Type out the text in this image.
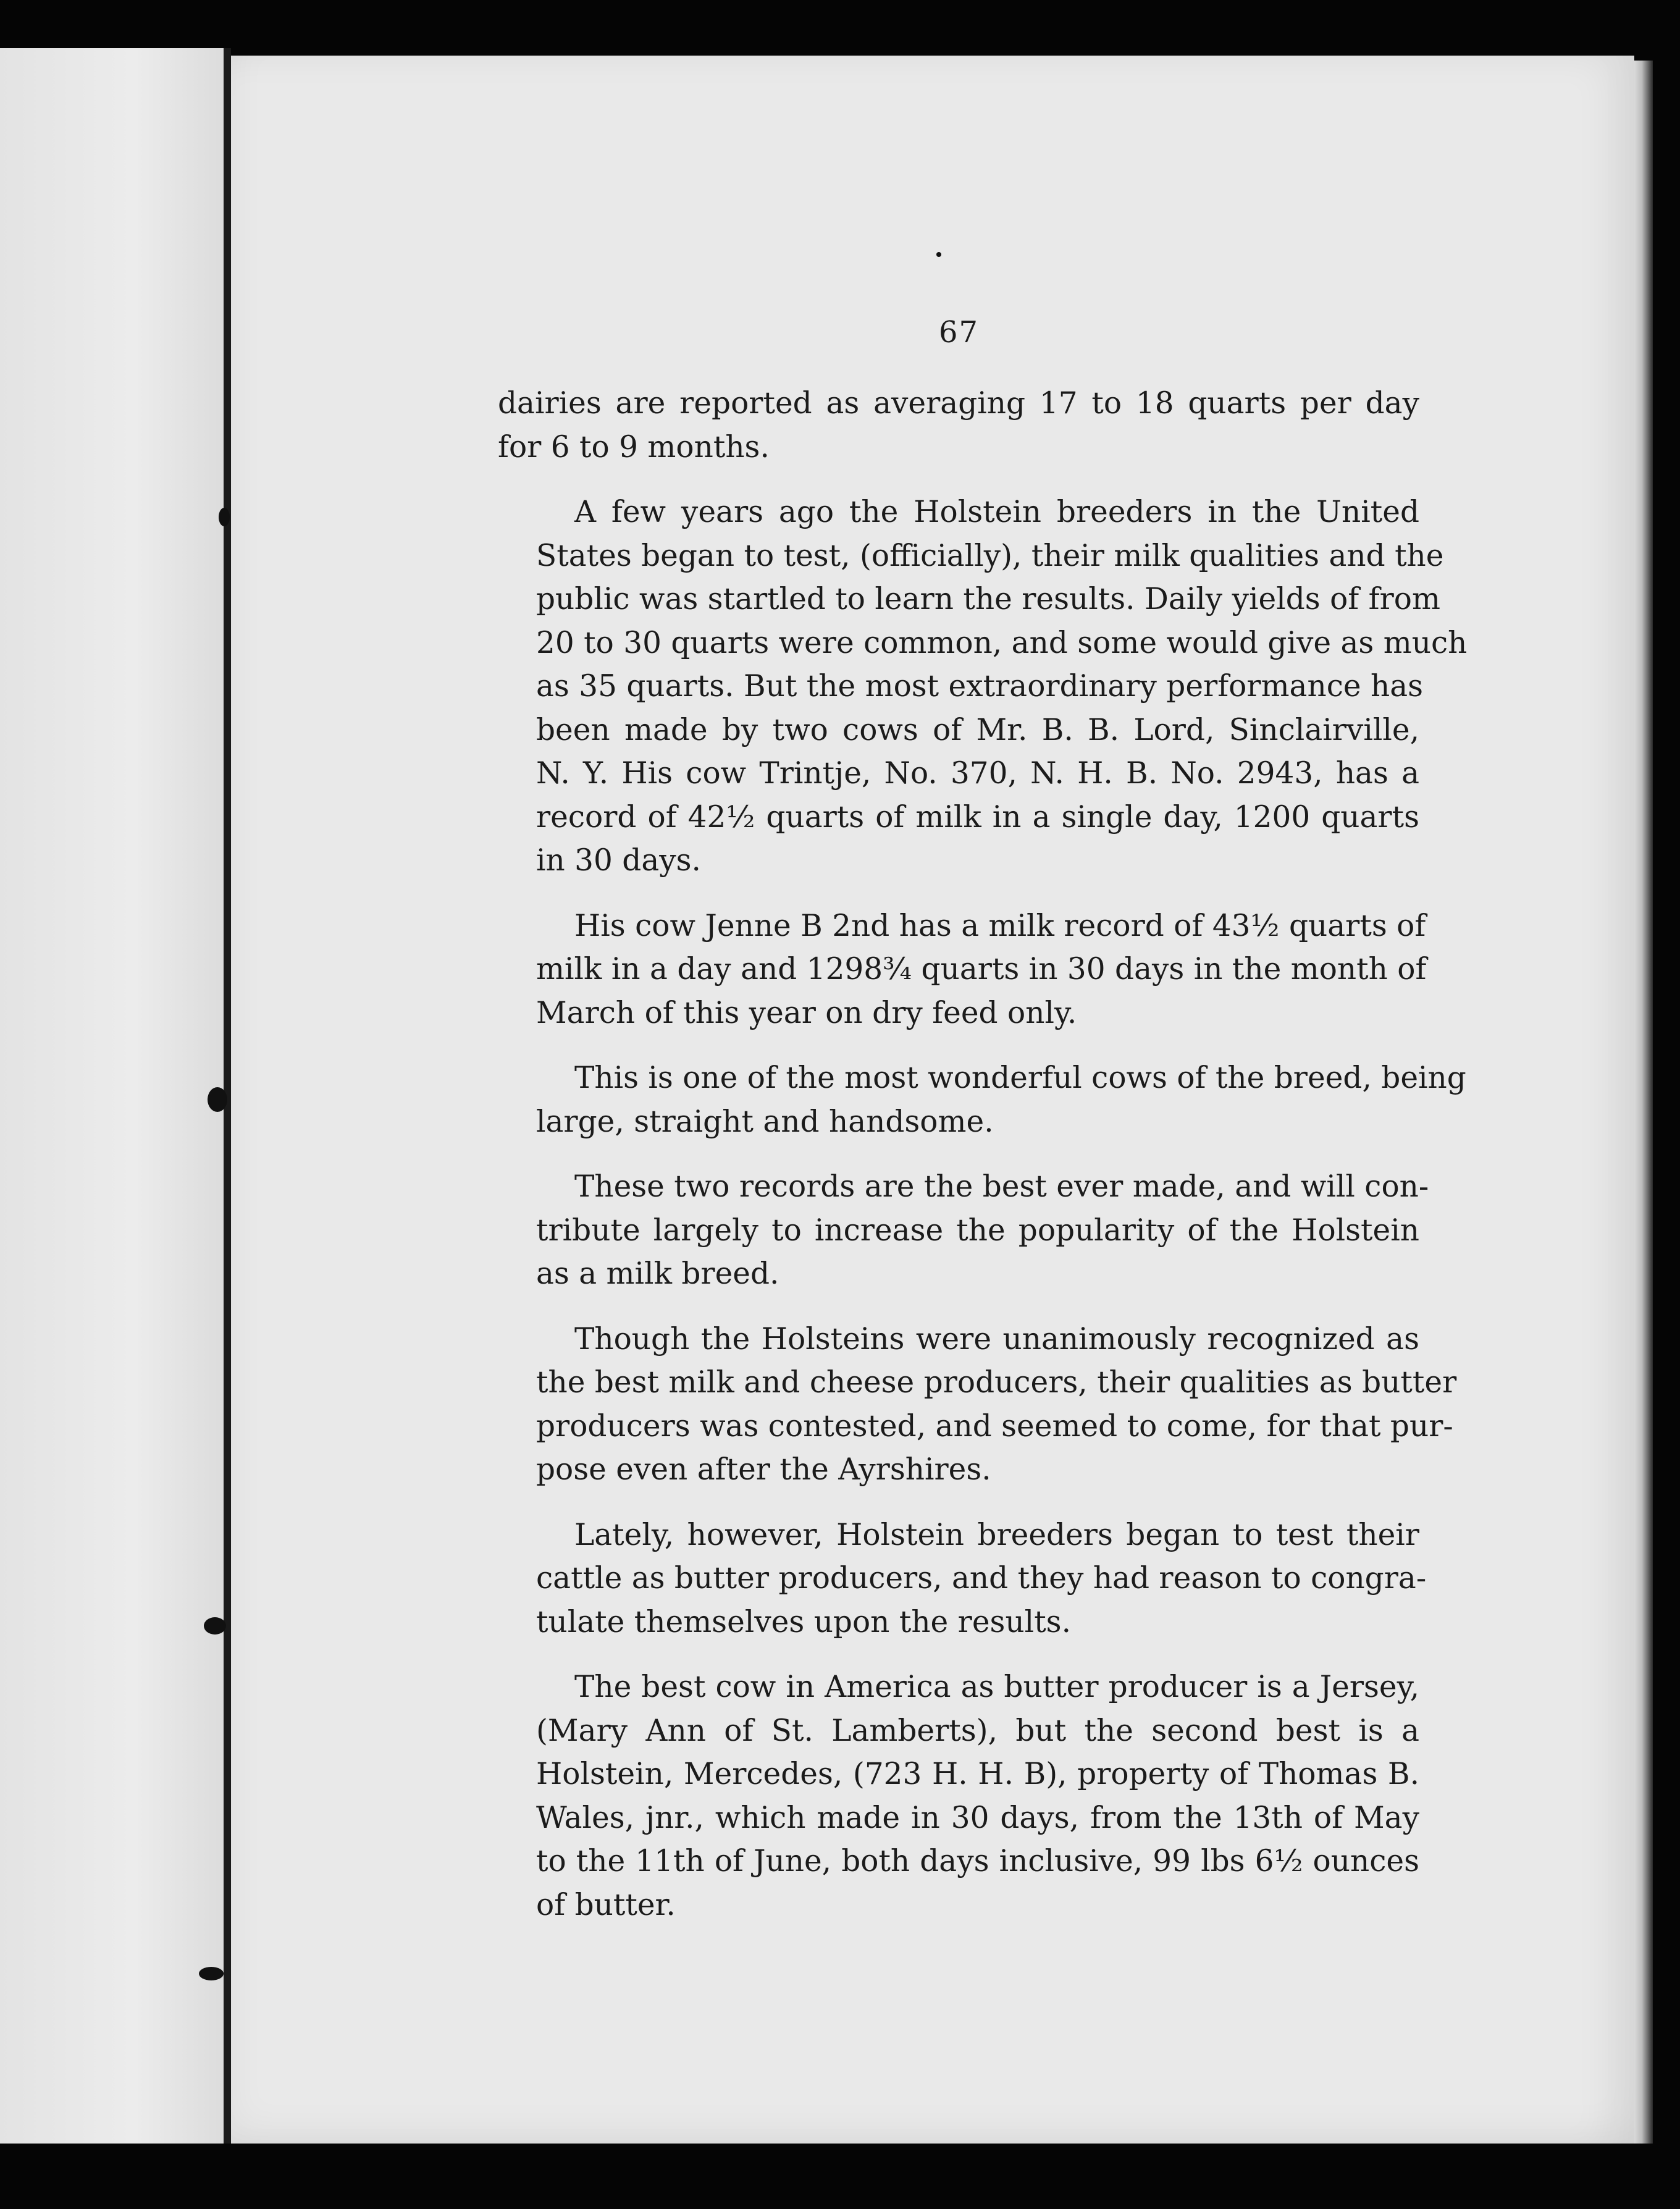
67
dairies are reported as averaging 17 to 18 quarts per day
for 6 to 9 months.
A few years ago the Holstein breeders in the United
States began to test, (officially), their milk qualities and the
public was startled to learn the results. Daily yields of from
20 to 30 quarts were common, and some would give as much
as 35 quarts. But the most extraordinary performance has
been made by two cows of Mr. B. B. Lord, Sinclairville,
N. Y. His cow Trintje, No. 370, N. H. B. No. 2943, has a
record of 42½ quarts of milk in a single day, 1200 quarts
in 30 days.
His cow Jenne B 2nd has a milk record of 43½ quarts of
milk in a day and 1298¾ quarts in 30 days in the month of
March of this year on dry feed only.
This is one of the most wonderful cows of the breed, being
large, straight and handsome.
These two records are the best ever made, and will con-
tribute largely to increase the popularity of the Holstein
as a milk breed.
Though the Holsteins were unanimously recognized as
the best milk and cheese producers, their qualities as butter
producers was contested, and seemed to come, for that pur-
pose even after the Ayrshires.
Lately, however, Holstein breeders began to test their
cattle as butter producers, and they had reason to congra-
tulate themselves upon the results.
The best cow in America as butter producer is a Jersey,
(Mary Ann of St. Lamberts), but the second best is a
Holstein, Mercedes, (723 H. H. B), property of Thomas B.
Wales, jnr., which made in 30 days, from the 13th of May
to the 11th of June, both days inclusive, 99 lbs 6½ ounces
of butter.
